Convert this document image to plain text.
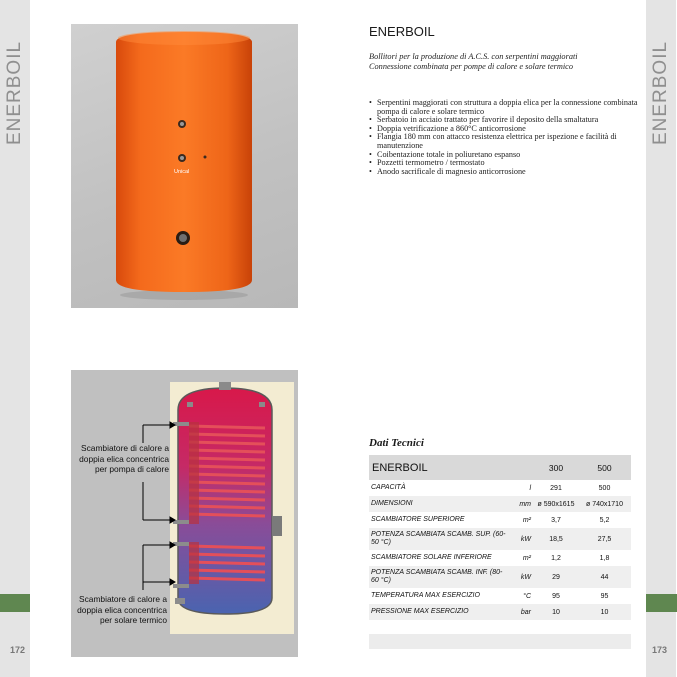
ENERBOIL	ENERBOIL
172	173
Unical
ENERBOIL
Bollitori per la produzione di A.C.S. con serpentini maggiorati
Connessione combinata per pompe di calore e solare termico
• Serpentini maggiorati con struttura a doppia elica per la connessione combinata pompa di calore e solare termico
• Serbatoio in acciaio trattato per favorire il deposito della smaltatura
• Doppia vetrificazione a 860°C anticorrosione
• Flangia 180 mm con attacco resistenza elettrica per ispezione e facilità di manutenzione
• Coibentazione totale in poliuretano espanso
• Pozzetti termometro / termostato
• Anodo sacrificale di magnesio anticorrosione
Scambiatore di calore a doppia elica concentrica per pompa di calore
Scambiatore di calore a doppia elica concentrica per solare termico
Dati Tecnici
ENERBOIL		300	500
CAPACITÀ	l	291	500
DIMENSIONI	mm	ø 590x1615	ø 740x1710
SCAMBIATORE SUPERIORE	m²	3,7	5,2
POTENZA SCAMBIATA SCAMB. SUP. (60-50 °C)	kW	18,5	27,5
SCAMBIATORE SOLARE INFERIORE	m²	1,2	1,8
POTENZA SCAMBIATA SCAMB. INF. (80-60 °C)	kW	29	44
TEMPERATURA MAX ESERCIZIO	°C	95	95
PRESSIONE MAX ESERCIZIO	bar	10	10
